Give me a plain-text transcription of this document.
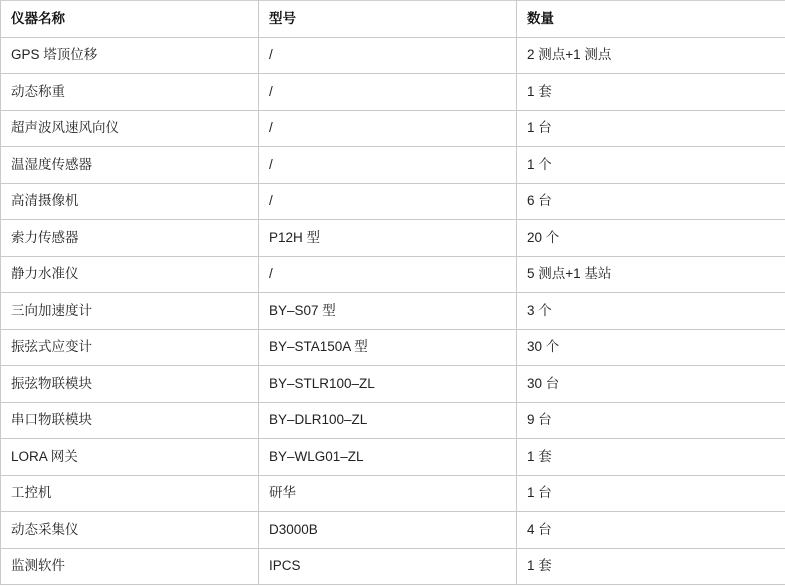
仪器名称	型号	数量
GPS 塔顶位移	/	2 测点+1 测点
动态称重	/	1 套
超声波风速风向仪	/	1 台
温湿度传感器	/	1 个
高清摄像机	/	6 台
索力传感器	P12H 型	20 个
静力水准仪	/	5 测点+1 基站
三向加速度计	BY–S07 型	3 个
振弦式应变计	BY–STA150A 型	30 个
振弦物联模块	BY–STLR100–ZL	30 台
串口物联模块	BY–DLR100–ZL	9 台
LORA 网关	BY–WLG01–ZL	1 套
工控机	研华	1 台
动态采集仪	D3000B	4 台
监测软件	IPCS	1 套
